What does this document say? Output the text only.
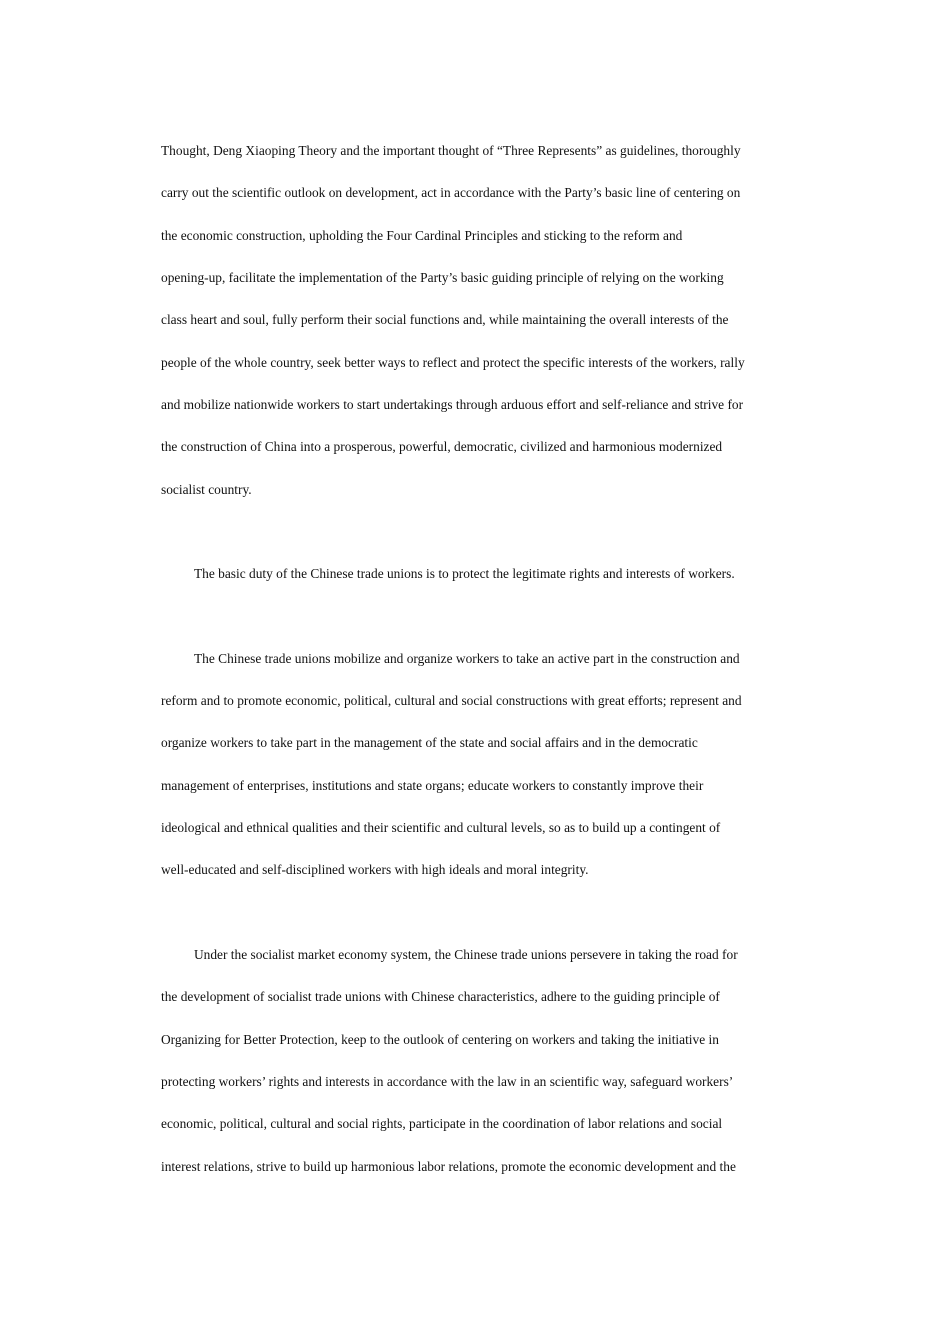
Thought, Deng Xiaoping Theory and the important thought of “Three Represents” as guidelines, thoroughly
carry out the scientific outlook on development, act in accordance with the Party’s basic line of centering on
the economic construction, upholding the Four Cardinal Principles and sticking to the reform and
opening-up, facilitate the implementation of the Party’s basic guiding principle of relying on the working
class heart and soul, fully perform their social functions and, while maintaining the overall interests of the
people of the whole country, seek better ways to reflect and protect the specific interests of the workers, rally
and mobilize nationwide workers to start undertakings through arduous effort and self-reliance and strive for
the construction of China into a prosperous, powerful, democratic, civilized and harmonious modernized
socialist country.
The basic duty of the Chinese trade unions is to protect the legitimate rights and interests of workers.
The Chinese trade unions mobilize and organize workers to take an active part in the construction and
reform and to promote economic, political, cultural and social constructions with great efforts; represent and
organize workers to take part in the management of the state and social affairs and in the democratic
management of enterprises, institutions and state organs; educate workers to constantly improve their
ideological and ethnical qualities and their scientific and cultural levels, so as to build up a contingent of
well-educated and self-disciplined workers with high ideals and moral integrity.
Under the socialist market economy system, the Chinese trade unions persevere in taking the road for
the development of socialist trade unions with Chinese characteristics, adhere to the guiding principle of
Organizing for Better Protection, keep to the outlook of centering on workers and taking the initiative in
protecting workers’ rights and interests in accordance with the law in an scientific way, safeguard workers’
economic, political, cultural and social rights, participate in the coordination of labor relations and social
interest relations, strive to build up harmonious labor relations, promote the economic development and the
